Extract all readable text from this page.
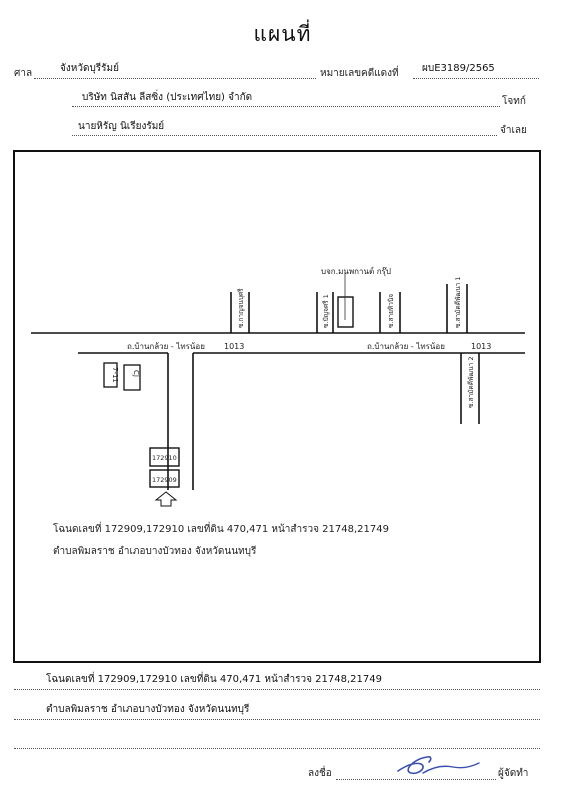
แผนที่
ศาล	จังหวัดบุรีรัมย์	หมายเลขคดีแดงที่ ผบE3189/2565
บริษัท นิสสัน ลีสซิ่ง (ประเทศไทย) จำกัด	โจทก์
นายหิรัญ นิเรียงรัมย์	จำเลย
บจก.มนพกานต์ กรุ๊ป
7-11 CJ
ถ.บ้านกล้วย - ไทรน้อย 1013	ถ.บ้านกล้วย - ไทรน้อย	1013
ซ.กาญจนบุศรี	ซ.ปัญจศรี 1	ซ.สายทิวนิจ	ซ.สามัคคีพัฒนา 1
ซ.สามัคคีพัฒนา 2
172910
172909
โฉนดเลขที่ 172909,172910 เลขที่ดิน 470,471 หน้าสำรวจ 21748,21749
ตำบลพิมลราช อำเภอบางบัวทอง จังหวัดนนทบุรี
โฉนดเลขที่ 172909,172910 เลขที่ดิน 470,471 หน้าสำรวจ 21748,21749
ตำบลพิมลราช อำเภอบางบัวทอง จังหวัดนนทบุรี
ลงชื่อ	ผู้จัดทำ
